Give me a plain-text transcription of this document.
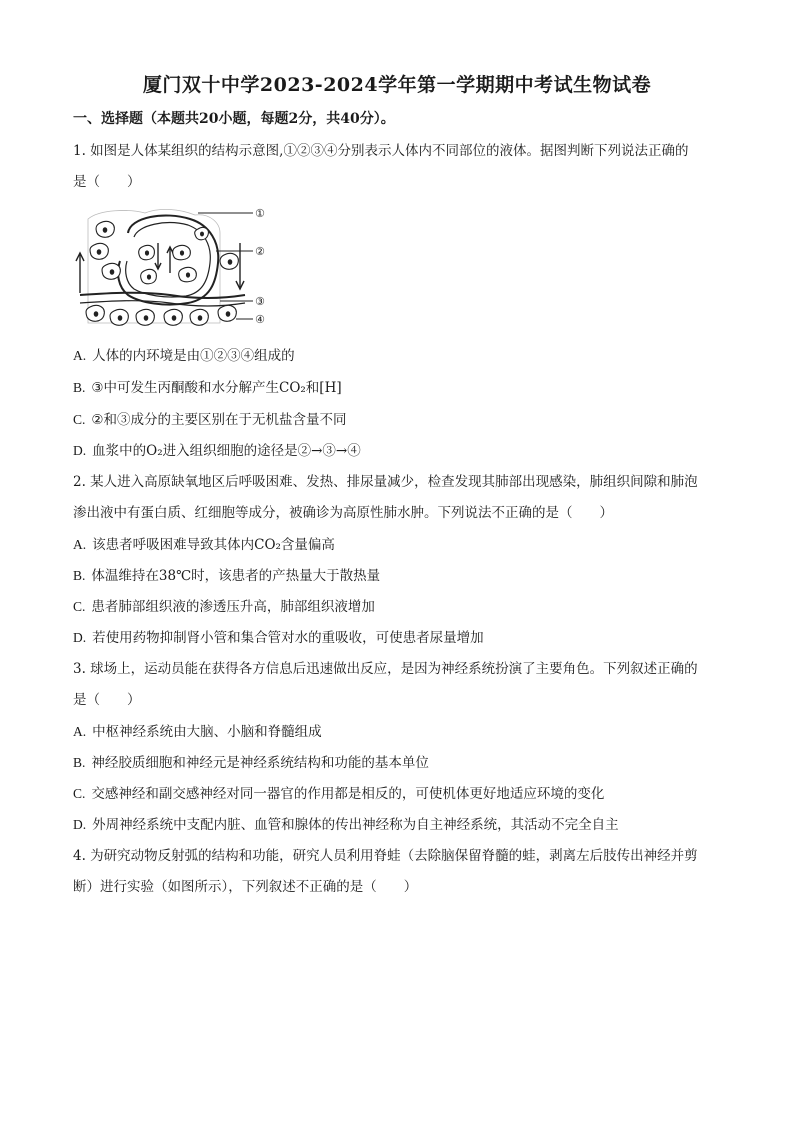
厦门双十中学2023-2024学年第一学期期中考试生物试卷
一、选择题（本题共20小题，每题2分，共40分）。
1. 如图是人体某组织的结构示意图,①②③④分别表示人体内不同部位的液体。据图判断下列说法正确的
是（　　）
①
②
③
④
A. 人体的内环境是由①②③④组成的
B. ③中可发生丙酮酸和水分解产生CO₂和[H]
C. ②和③成分的主要区别在于无机盐含量不同
D. 血浆中的O₂进入组织细胞的途径是②→③→④
2. 某人进入高原缺氧地区后呼吸困难、发热、排尿量减少，检查发现其肺部出现感染，肺组织间隙和肺泡
渗出液中有蛋白质、红细胞等成分，被确诊为高原性肺水肿。下列说法不正确的是（　　）
A. 该患者呼吸困难导致其体内CO₂含量偏高
B. 体温维持在38℃时，该患者的产热量大于散热量
C. 患者肺部组织液的渗透压升高，肺部组织液增加
D. 若使用药物抑制肾小管和集合管对水的重吸收，可使患者尿量增加
3. 球场上，运动员能在获得各方信息后迅速做出反应，是因为神经系统扮演了主要角色。下列叙述正确的
是（　　）
A. 中枢神经系统由大脑、小脑和脊髓组成
B. 神经胶质细胞和神经元是神经系统结构和功能的基本单位
C. 交感神经和副交感神经对同一器官的作用都是相反的，可使机体更好地适应环境的变化
D. 外周神经系统中支配内脏、血管和腺体的传出神经称为自主神经系统，其活动不完全自主
4. 为研究动物反射弧的结构和功能，研究人员利用脊蛙（去除脑保留脊髓的蛙，剥离左后肢传出神经并剪
断）进行实验（如图所示），下列叙述不正确的是（　　）
